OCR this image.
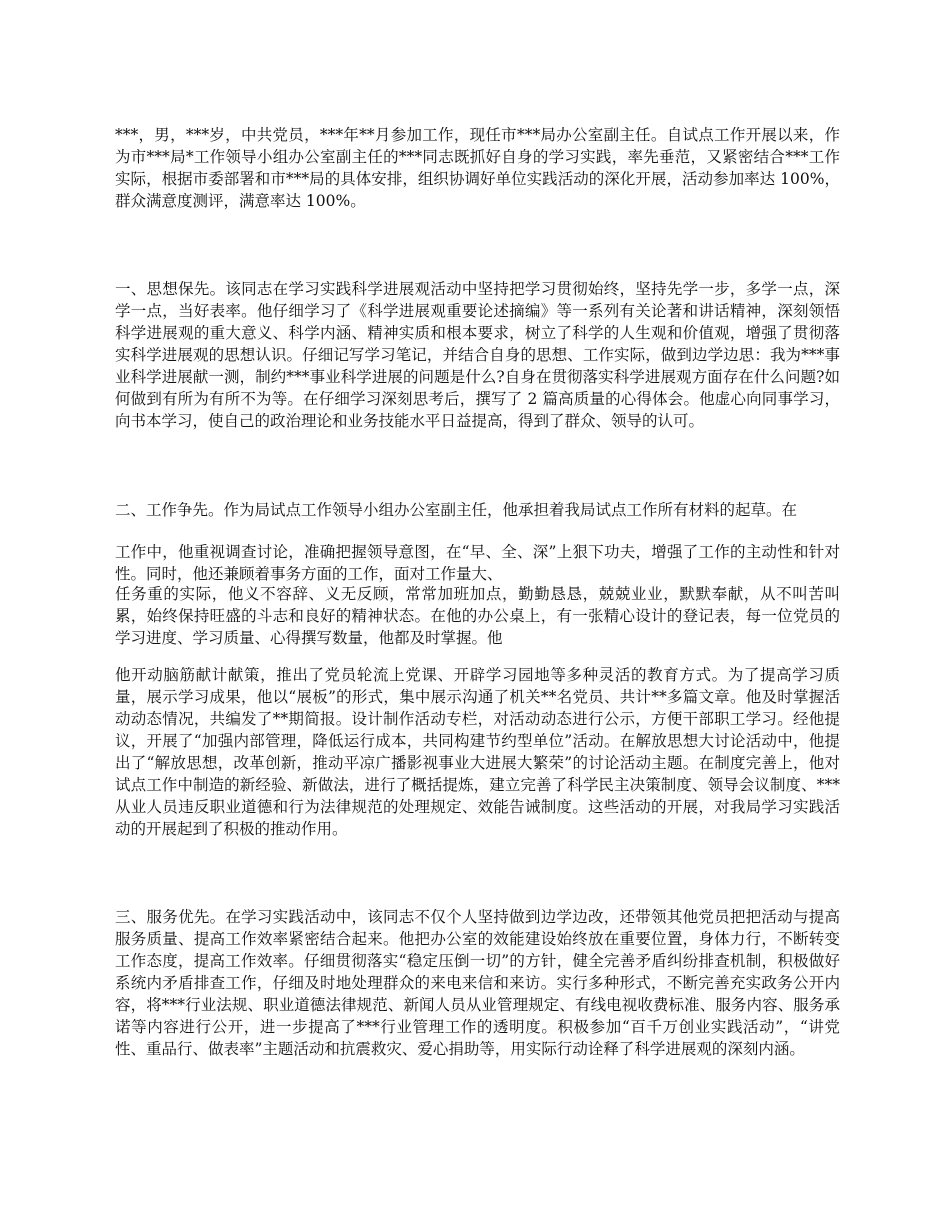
***，男，***岁，中共党员，***年**月参加工作，现任市***局办公室副主任。自试点工作开展以来，作为市***局*工作领导小组办公室副主任的***同志既抓好自身的学习实践，率先垂范，又紧密结合***工作实际，根据市委部署和市***局的具体安排，组织协调好单位实践活动的深化开展，活动参加率达 100%，群众满意度测评，满意率达 100%。

一、思想保先。该同志在学习实践科学进展观活动中坚持把学习贯彻始终，坚持先学一步，多学一点，深学一点，当好表率。他仔细学习了《科学进展观重要论述摘编》等一系列有关论著和讲话精神，深刻领悟科学进展观的重大意义、科学内涵、精神实质和根本要求，树立了科学的人生观和价值观，增强了贯彻落实科学进展观的思想认识。仔细记写学习笔记，并结合自身的思想、工作实际，做到边学边思：我为***事业科学进展献一测，制约***事业科学进展的问题是什么?自身在贯彻落实科学进展观方面存在什么问题?如何做到有所为有所不为等。在仔细学习深刻思考后，撰写了 2 篇高质量的心得体会。他虚心向同事学习，向书本学习，使自己的政治理论和业务技能水平日益提高，得到了群众、领导的认可。

二、工作争先。作为局试点工作领导小组办公室副主任，他承担着我局试点工作所有材料的起草。在

工作中，他重视调查讨论，准确把握领导意图，在“早、全、深”上狠下功夫，增强了工作的主动性和针对性。同时，他还兼顾着事务方面的工作，面对工作量大、

任务重的实际，他义不容辞、义无反顾，常常加班加点，勤勤恳恳，兢兢业业，默默奉献，从不叫苦叫累，始终保持旺盛的斗志和良好的精神状态。在他的办公桌上，有一张精心设计的登记表，每一位党员的学习进度、学习质量、心得撰写数量，他都及时掌握。他

他开动脑筋献计献策，推出了党员轮流上党课、开辟学习园地等多种灵活的教育方式。为了提高学习质量，展示学习成果，他以“展板”的形式，集中展示沟通了机关**名党员、共计**多篇文章。他及时掌握活动动态情况，共编发了**期简报。设计制作活动专栏，对活动动态进行公示，方便干部职工学习。经他提议，开展了“加强内部管理，降低运行成本，共同构建节约型单位”活动。在解放思想大讨论活动中，他提出了“解放思想，改革创新，推动平凉广播影视事业大进展大繁荣”的讨论活动主题。在制度完善上，他对试点工作中制造的新经验、新做法，进行了概括提炼，建立完善了科学民主决策制度、领导会议制度、***从业人员违反职业道德和行为法律规范的处理规定、效能告诫制度。这些活动的开展，对我局学习实践活动的开展起到了积极的推动作用。

三、服务优先。在学习实践活动中，该同志不仅个人坚持做到边学边改，还带领其他党员把把活动与提高服务质量、提高工作效率紧密结合起来。他把办公室的效能建设始终放在重要位置，身体力行，不断转变工作态度，提高工作效率。仔细贯彻落实“稳定压倒一切”的方针，健全完善矛盾纠纷排查机制，积极做好系统内矛盾排查工作，仔细及时地处理群众的来电来信和来访。实行多种形式，不断完善充实政务公开内容，将***行业法规、职业道德法律规范、新闻人员从业管理规定、有线电视收费标准、服务内容、服务承诺等内容进行公开，进一步提高了***行业管理工作的透明度。积极参加“百千万创业实践活动”，“讲党性、重品行、做表率”主题活动和抗震救灾、爱心捐助等，用实际行动诠释了科学进展观的深刻内涵。
